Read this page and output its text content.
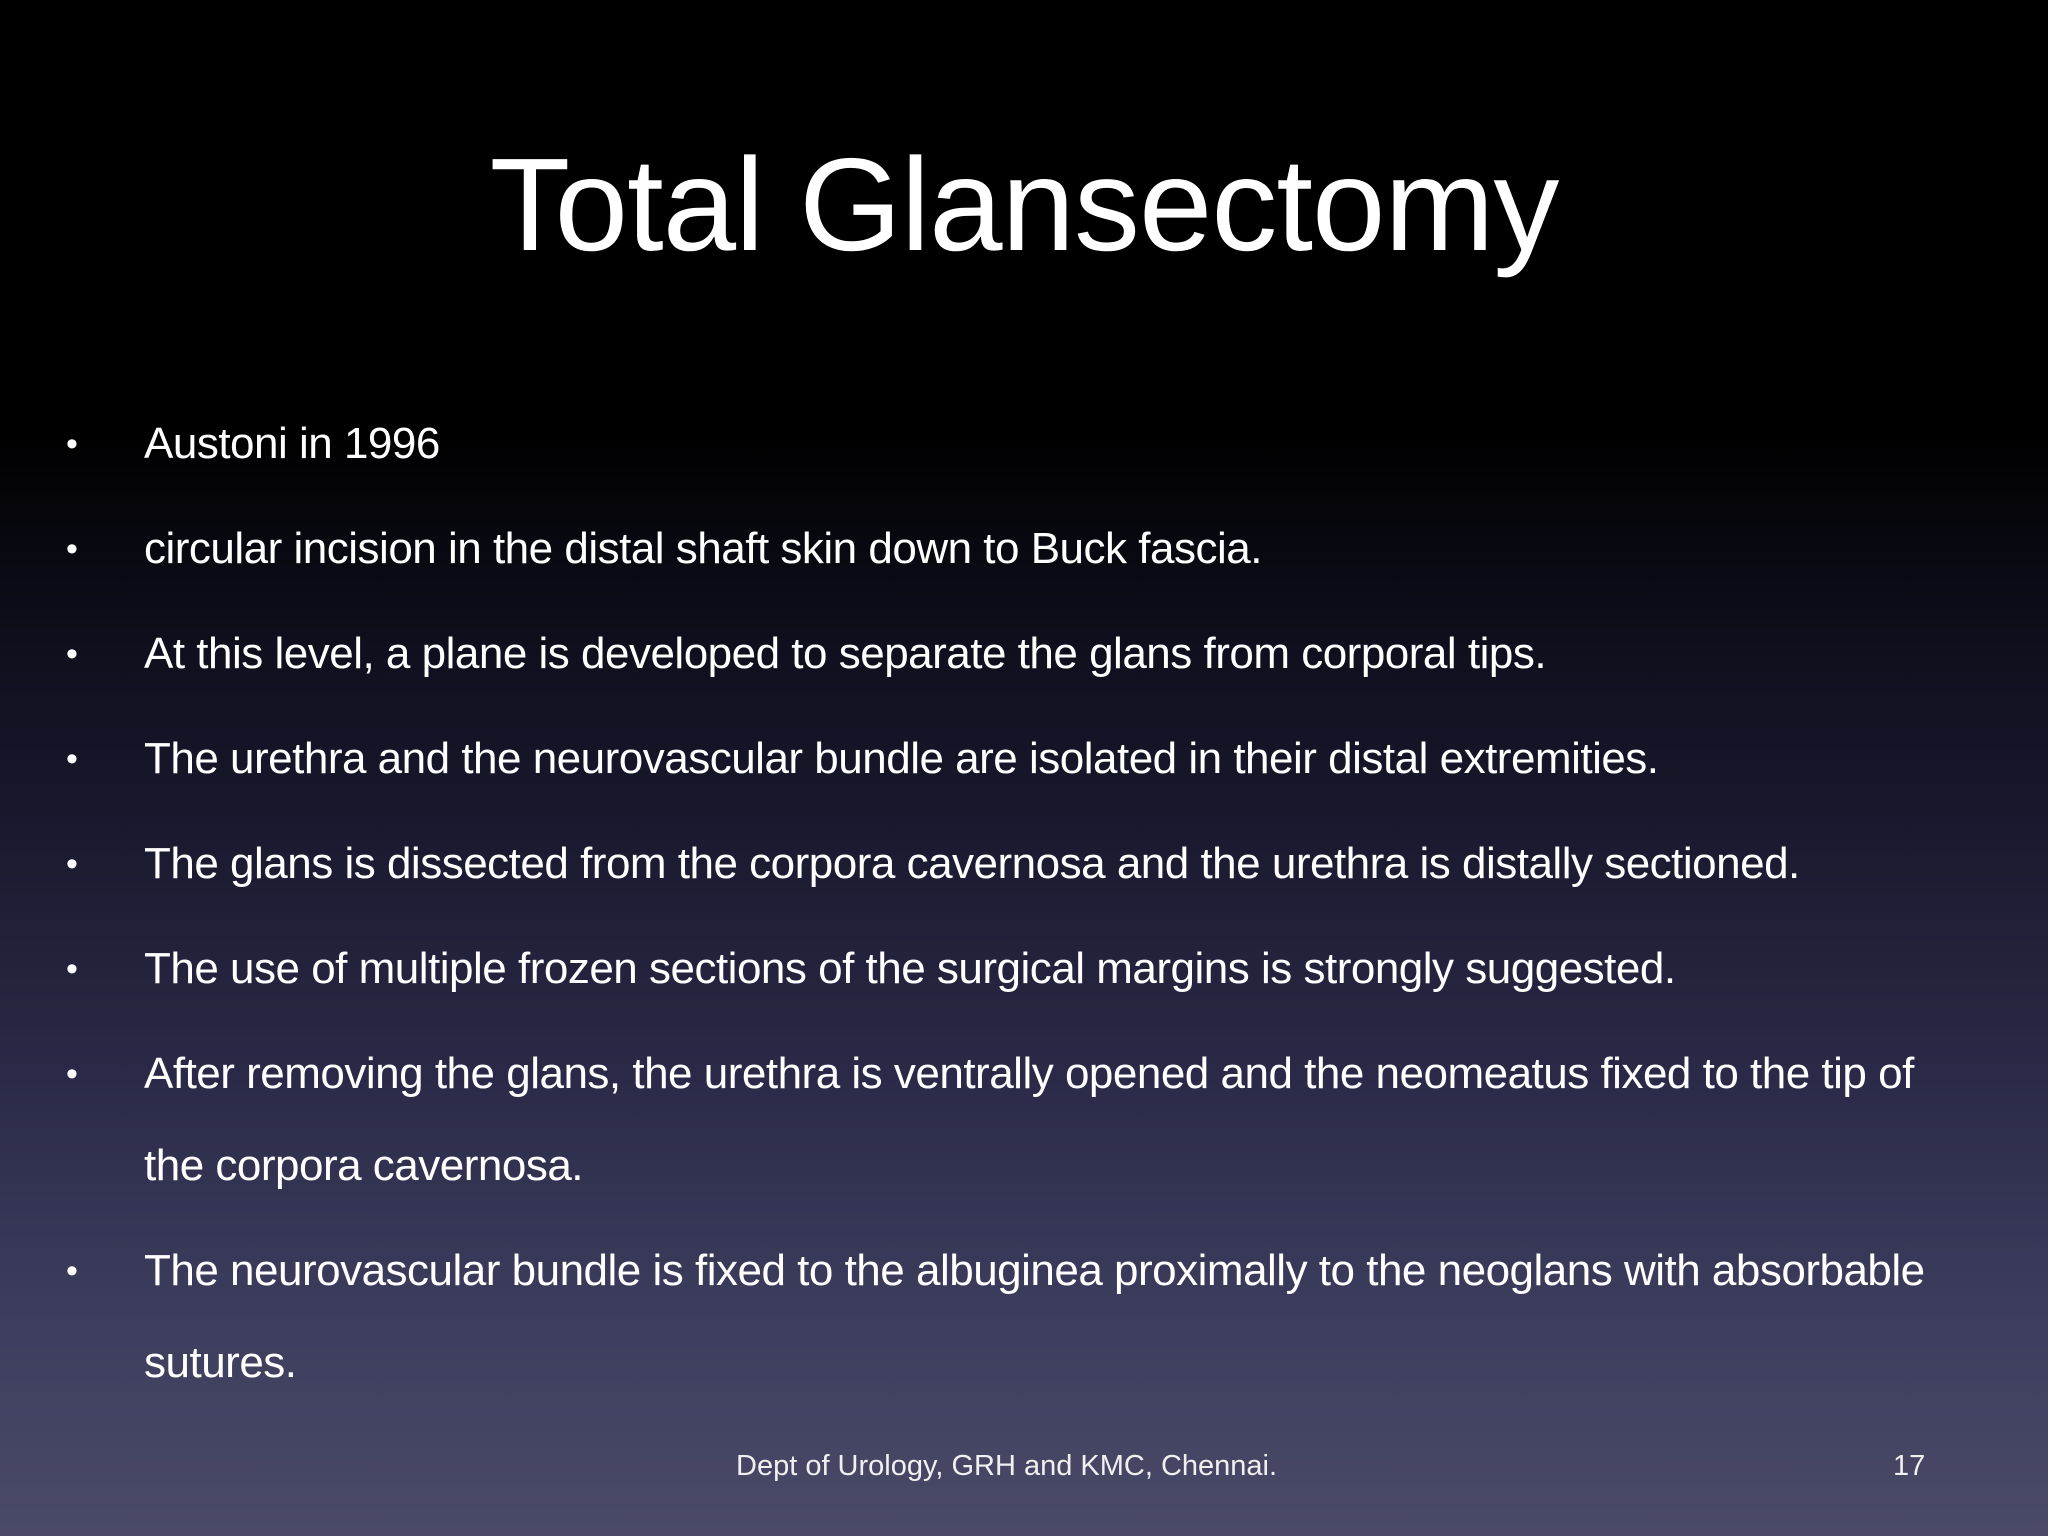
Total Glansectomy
• Austoni in 1996
• circular incision in the distal shaft skin down to Buck fascia.
• At this level, a plane is developed to separate the glans from corporal tips.
• The urethra and the neurovascular bundle are isolated in their distal extremities.
• The glans is dissected from the corpora cavernosa and the urethra is distally sectioned.
• The use of multiple frozen sections of the surgical margins is strongly suggested.
• After removing the glans, the urethra is ventrally opened and the neomeatus fixed to the tip of the corpora cavernosa.
• The neurovascular bundle is fixed to the albuginea proximally to the neoglans with absorbable sutures.
Dept of Urology, GRH and KMC, Chennai.	17
